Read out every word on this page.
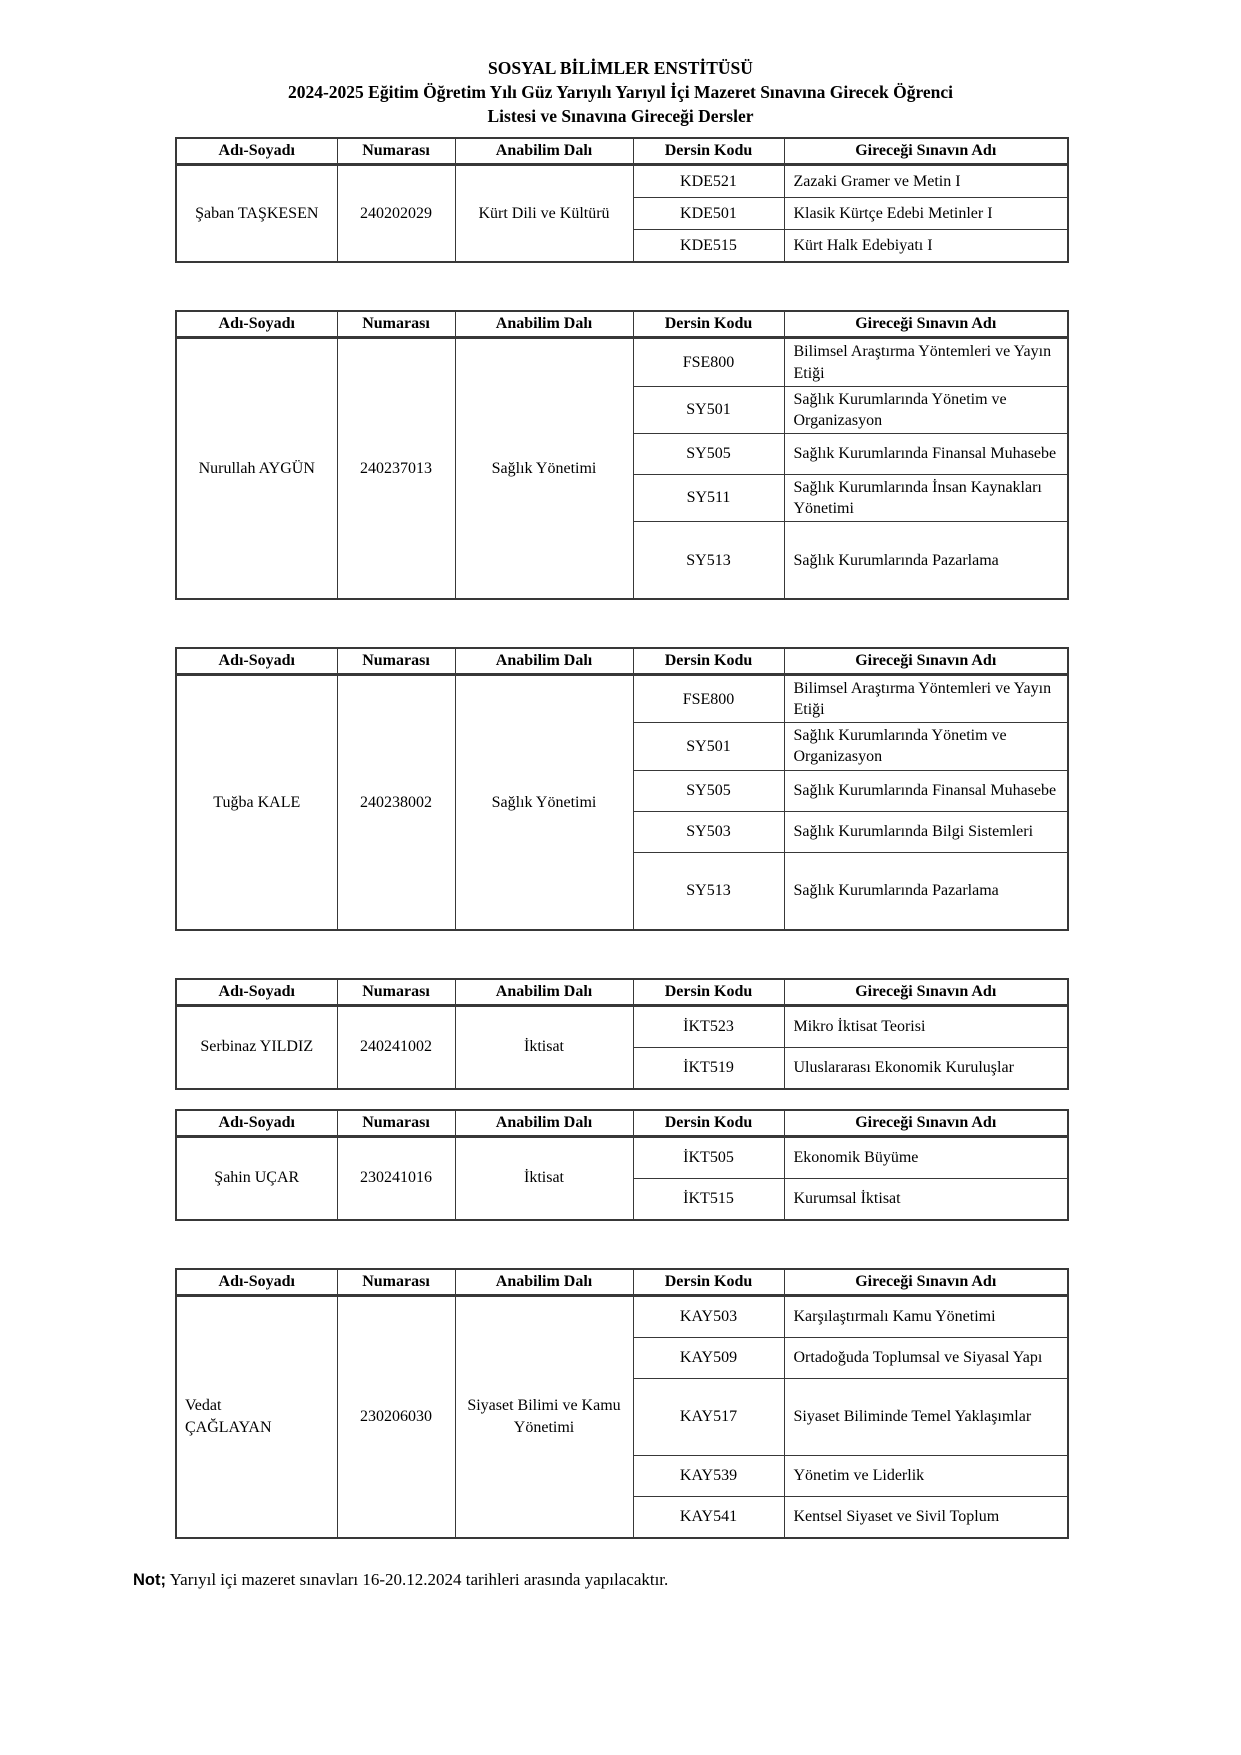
SOSYAL BİLİMLER ENSTİTÜSÜ
2024-2025 Eğitim Öğretim Yılı Güz Yarıyılı Yarıyıl İçi Mazeret Sınavına Girecek Öğrenci
Listesi ve Sınavına Gireceği Dersler
Adı-Soyadı	Numarası	Anabilim Dalı	Dersin Kodu	Gireceği Sınavın Adı
Şaban TAŞKESEN	240202029	Kürt Dili ve Kültürü	KDE521	Zazaki Gramer ve Metin I
			KDE501	Klasik Kürtçe Edebi Metinler I
			KDE515	Kürt Halk Edebiyatı I
Adı-Soyadı	Numarası	Anabilim Dalı	Dersin Kodu	Gireceği Sınavın Adı
Nurullah AYGÜN	240237013	Sağlık Yönetimi	FSE800	Bilimsel Araştırma Yöntemleri ve Yayın Etiği
			SY501	Sağlık Kurumlarında Yönetim ve Organizasyon
			SY505	Sağlık Kurumlarında Finansal Muhasebe
			SY511	Sağlık Kurumlarında İnsan Kaynakları Yönetimi
			SY513	Sağlık Kurumlarında Pazarlama
Adı-Soyadı	Numarası	Anabilim Dalı	Dersin Kodu	Gireceği Sınavın Adı
Tuğba KALE	240238002	Sağlık Yönetimi	FSE800	Bilimsel Araştırma Yöntemleri ve Yayın Etiği
			SY501	Sağlık Kurumlarında Yönetim ve Organizasyon
			SY505	Sağlık Kurumlarında Finansal Muhasebe
			SY503	Sağlık Kurumlarında Bilgi Sistemleri
			SY513	Sağlık Kurumlarında Pazarlama
Adı-Soyadı	Numarası	Anabilim Dalı	Dersin Kodu	Gireceği Sınavın Adı
Serbinaz YILDIZ	240241002	İktisat	İKT523	Mikro İktisat Teorisi
			İKT519	Uluslararası Ekonomik Kuruluşlar
Adı-Soyadı	Numarası	Anabilim Dalı	Dersin Kodu	Gireceği Sınavın Adı
Şahin UÇAR	230241016	İktisat	İKT505	Ekonomik Büyüme
			İKT515	Kurumsal İktisat
Adı-Soyadı	Numarası	Anabilim Dalı	Dersin Kodu	Gireceği Sınavın Adı
Vedat ÇAĞLAYAN	230206030	Siyaset Bilimi ve Kamu Yönetimi	KAY503	Karşılaştırmalı Kamu Yönetimi
			KAY509	Ortadoğuda Toplumsal ve Siyasal Yapı
			KAY517	Siyaset Biliminde Temel Yaklaşımlar
			KAY539	Yönetim ve Liderlik
			KAY541	Kentsel Siyaset ve Sivil Toplum
Not; Yarıyıl içi mazeret sınavları 16-20.12.2024 tarihleri arasında yapılacaktır.
